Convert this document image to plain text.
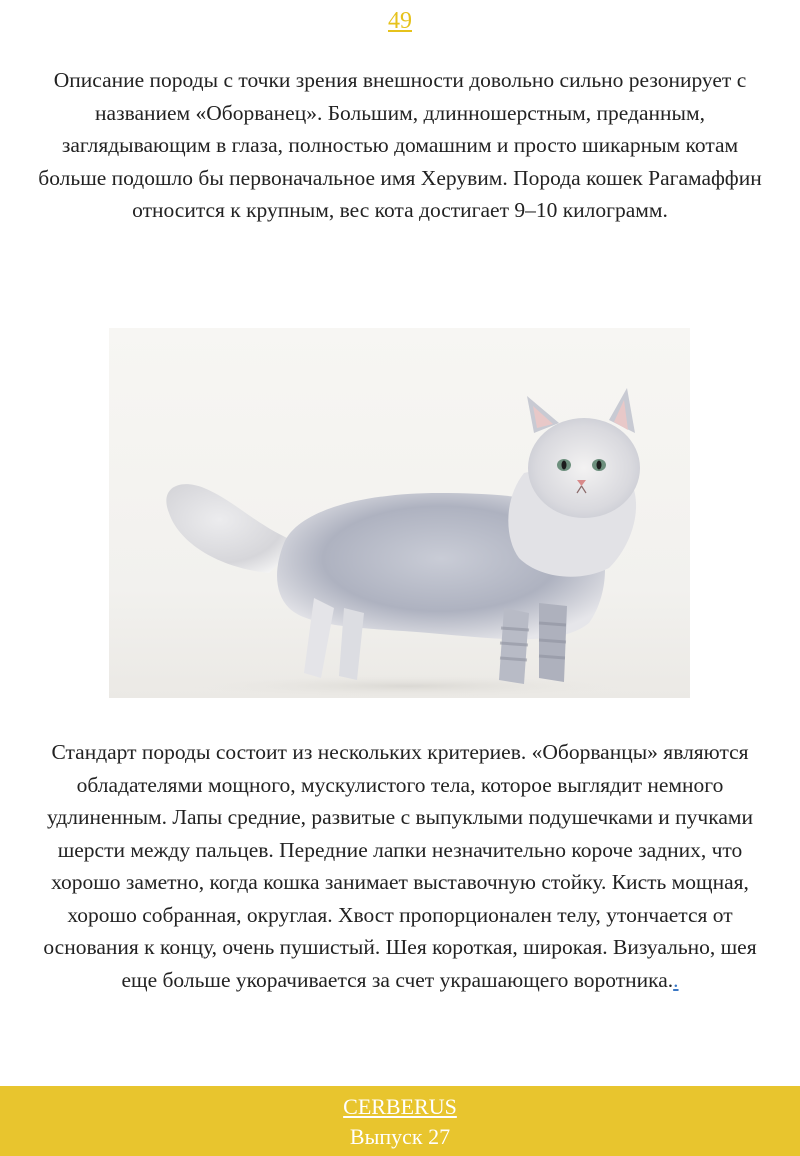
49

Описание породы с точки зрения внешности довольно сильно резонирует с названием «Оборванец». Большим, длинношерстным, преданным, заглядывающим в глаза, полностью домашним и просто шикарным котам больше подошло бы первоначальное имя Херувим. Порода кошек Рагамаффин относится к крупным, вес кота достигает 9–10 килограмм.

Стандарт породы состоит из нескольких критериев. «Оборванцы» являются обладателями мощного, мускулистого тела, которое выглядит немного удлиненным. Лапы средние, развитые с выпуклыми подушечками и пучками шерсти между пальцев. Передние лапки незначительно короче задних, что хорошо заметно, когда кошка занимает выставочную стойку. Кисть мощная, хорошо собранная, округлая. Хвост пропорционален телу, утончается от основания к концу, очень пушистый. Шея короткая, широкая. Визуально, шея еще больше укорачивается за счет украшающего воротника..

CERBERUS
Выпуск 27
